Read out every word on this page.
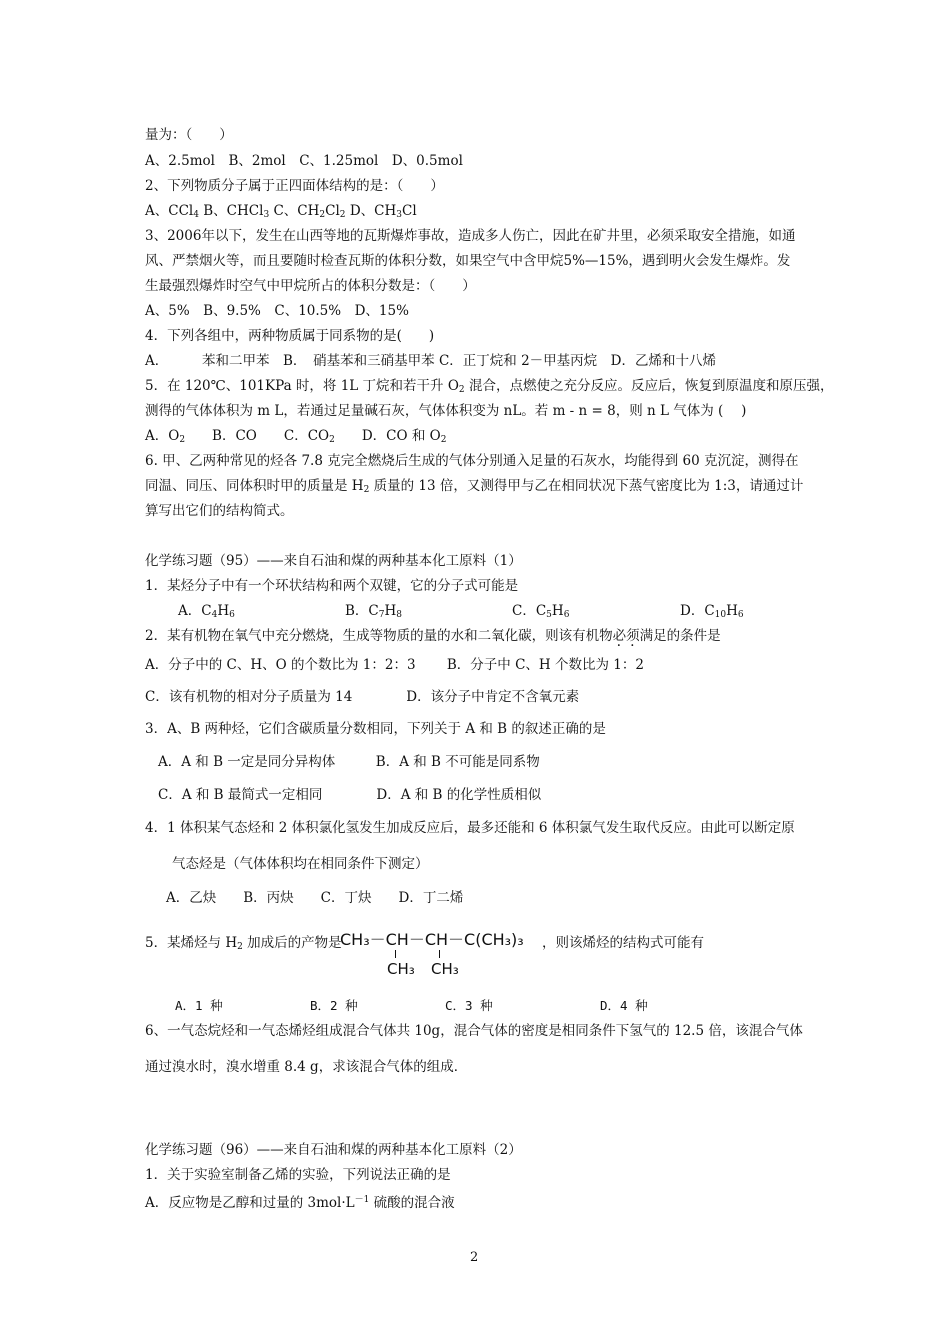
量为：（　　）
A、2.5mol　B、2mol　C、1.25mol　D、0.5mol
2、下列物质分子属于正四面体结构的是：（　　）
A、CCl$_4$ B、CHCl$_3$ C、$CH_2Cl_2$ D、$CH_3Cl$
3、2006年以下，发生在山西等地的瓦斯爆炸事故，造成多人伤亡，因此在矿井里，必须采取安全措施，如通
风、严禁烟火等，而且要随时检查瓦斯的体积分数，如果空气中含甲烷5%—15%，遇到明火会发生爆炸。发
生最强烈爆炸时空气中甲烷所占的体积分数是：（　　）
A、5%　B、9.5%　C、10.5%　D、15%
4．下列各组中，两种物质属于同系物的是(　　)
A．　　　苯和二甲苯　B．　硝基苯和三硝基甲苯 C．正丁烷和 2－甲基丙烷　D．乙烯和十八烯
5．在 120℃、101KPa 时，将 1L 丁烷和若干升 $O_2$ 混合，点燃使之充分反应。反应后，恢复到原温度和原压强，
测得的气体体积为 m L，若通过足量碱石灰，气体体积变为 nL。若 m - n = 8，则 n L 气体为 (　 )
A．$O_2$　　B．CO　　C．$CO_2$　　D．CO 和 $O_2$
6. 甲、乙两种常见的烃各 7.8 克完全燃烧后生成的气体分别通入足量的石灰水，均能得到 60 克沉淀，测得在
同温、同压、同体积时甲的质量是 $H_2$ 质量的 13 倍，又测得甲与乙在相同状况下蒸气密度比为 1:3，请通过计
算写出它们的结构简式。
化学练习题（95）——来自石油和煤的两种基本化工原料（1）
1．某烃分子中有一个环状结构和两个双键，它的分子式可能是
A．$C_4H_6$	B．$C_7H_8$	C．$C_5H_6$	D．$C_{10}H_6$
2．某有机物在氧气中充分燃烧，生成等物质的量的水和二氧化碳，则该有机物必须满足的条件是
A．分子中的 C、H、O 的个数比为 1：2：3　　 B．分子中 C、H 个数比为 1：2
C．该有机物的相对分子质量为 14　　　　D．该分子中肯定不含氧元素
3．A、B 两种烃，它们含碳质量分数相同，下列关于 A 和 B 的叙述正确的是
A．A 和 B 一定是同分异构体　　　B．A 和 B 不可能是同系物
C．A 和 B 最简式一定相同　　　　D．A 和 B 的化学性质相似
4．1 体积某气态烃和 2 体积氯化氢发生加成反应后，最多还能和 6 体积氯气发生取代反应。由此可以断定原
气态烃是（气体体积均在相同条件下测定）
A．乙炔　　B．丙炔　　C．丁炔　　D．丁二烯
5．某烯烃与 $H_2$ 加成后的产物是
CH₃－CH－CH－C(CH₃)₃
CH₃ CH₃
，则该烯烃的结构式可能有
A．1 种	B．2 种	C．3 种	D．4 种
6、一气态烷烃和一气态烯烃组成混合气体共 10g，混合气体的密度是相同条件下氢气的 12.5 倍，该混合气体
通过溴水时，溴水增重 8.4 g，求该混合气体的组成．
化学练习题（96）——来自石油和煤的两种基本化工原料（2）
1．关于实验室制备乙烯的实验，下列说法正确的是
A．反应物是乙醇和过量的 $3mol\cdot L^{-1}$ 硫酸的混合液
2
